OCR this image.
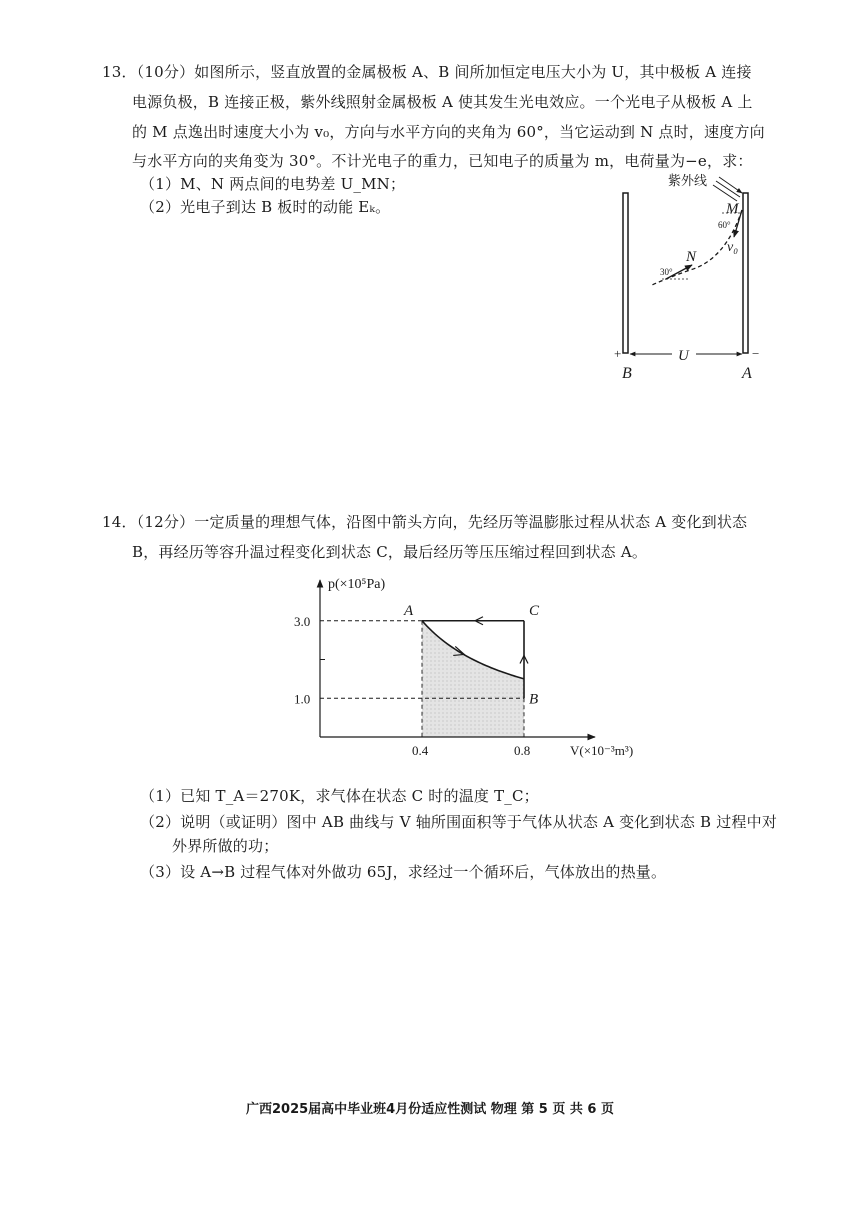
13．（10分）如图所示，竖直放置的金属极板 A、B 间所加恒定电压大小为 U，其中极板 A 连接
电源负极，B 连接正极，紫外线照射金属极板 A 使其发生光电效应。一个光电子从极板 A 上
的 M 点逸出时速度大小为 v₀，方向与水平方向的夹角为 60°，当它运动到 N 点时，速度方向
与水平方向的夹角变为 30°。不计光电子的重力，已知电子的质量为 m，电荷量为−e，求：
（1）M、N 两点间的电势差 U_MN；
（2）光电子到达 B 板时的动能 Eₖ。
紫外线
M
60°
v₀
N
30°
U
+	−
B	A
14．（12分）一定质量的理想气体，沿图中箭头方向，先经历等温膨胀过程从状态 A 变化到状态
B，再经历等容升温过程变化到状态 C，最后经历等压压缩过程回到状态 A。
A
B
C
3.0
1.0
0.4	0.8
p(×10⁵Pa)
V(×10⁻³m³)
（1）已知 T_A＝270K，求气体在状态 C 时的温度 T_C；
（2）说明（或证明）图中 AB 曲线与 V 轴所围面积等于气体从状态 A 变化到状态 B 过程中对
外界所做的功；
（3）设 A→B 过程气体对外做功 65J，求经过一个循环后，气体放出的热量。
广西2025届高中毕业班4月份适应性测试 物理 第 5 页 共 6 页
